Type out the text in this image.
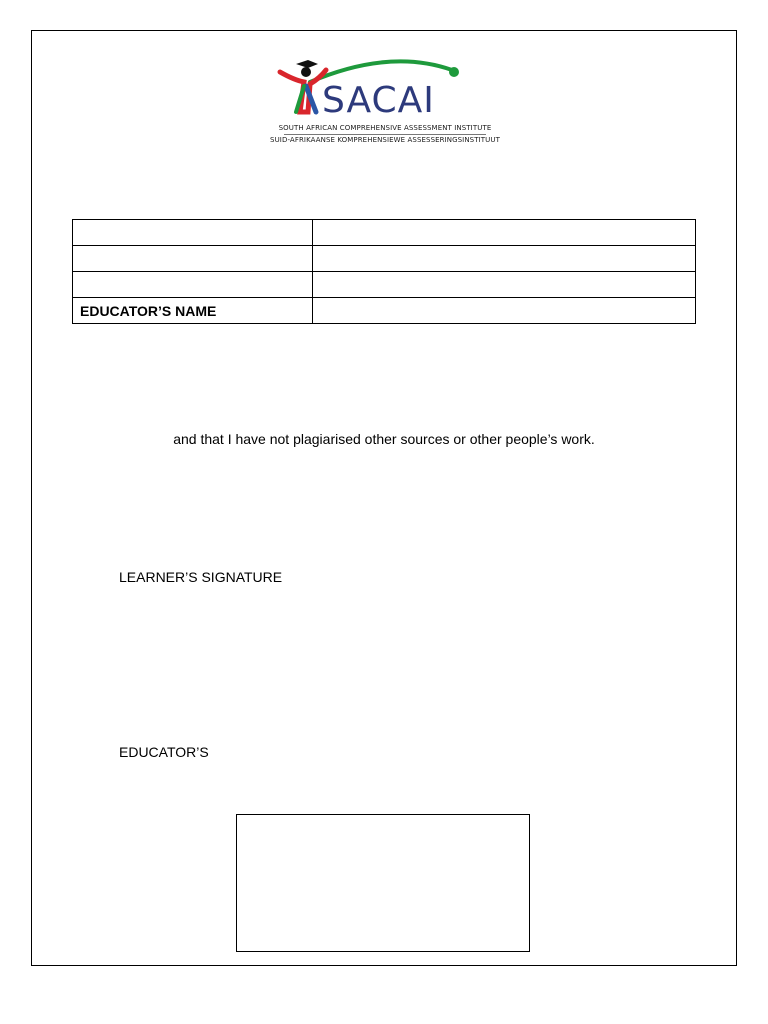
SACAI
SOUTH AFRICAN COMPREHENSIVE ASSESSMENT INSTITUTE
SUID-AFRIKAANSE KOMPREHENSIEWE ASSESSERINGSINSTITUUT

EDUCATOR’S NAME	
and that I have not plagiarised other sources or other people’s work.
LEARNER’S SIGNATURE
EDUCATOR’S
